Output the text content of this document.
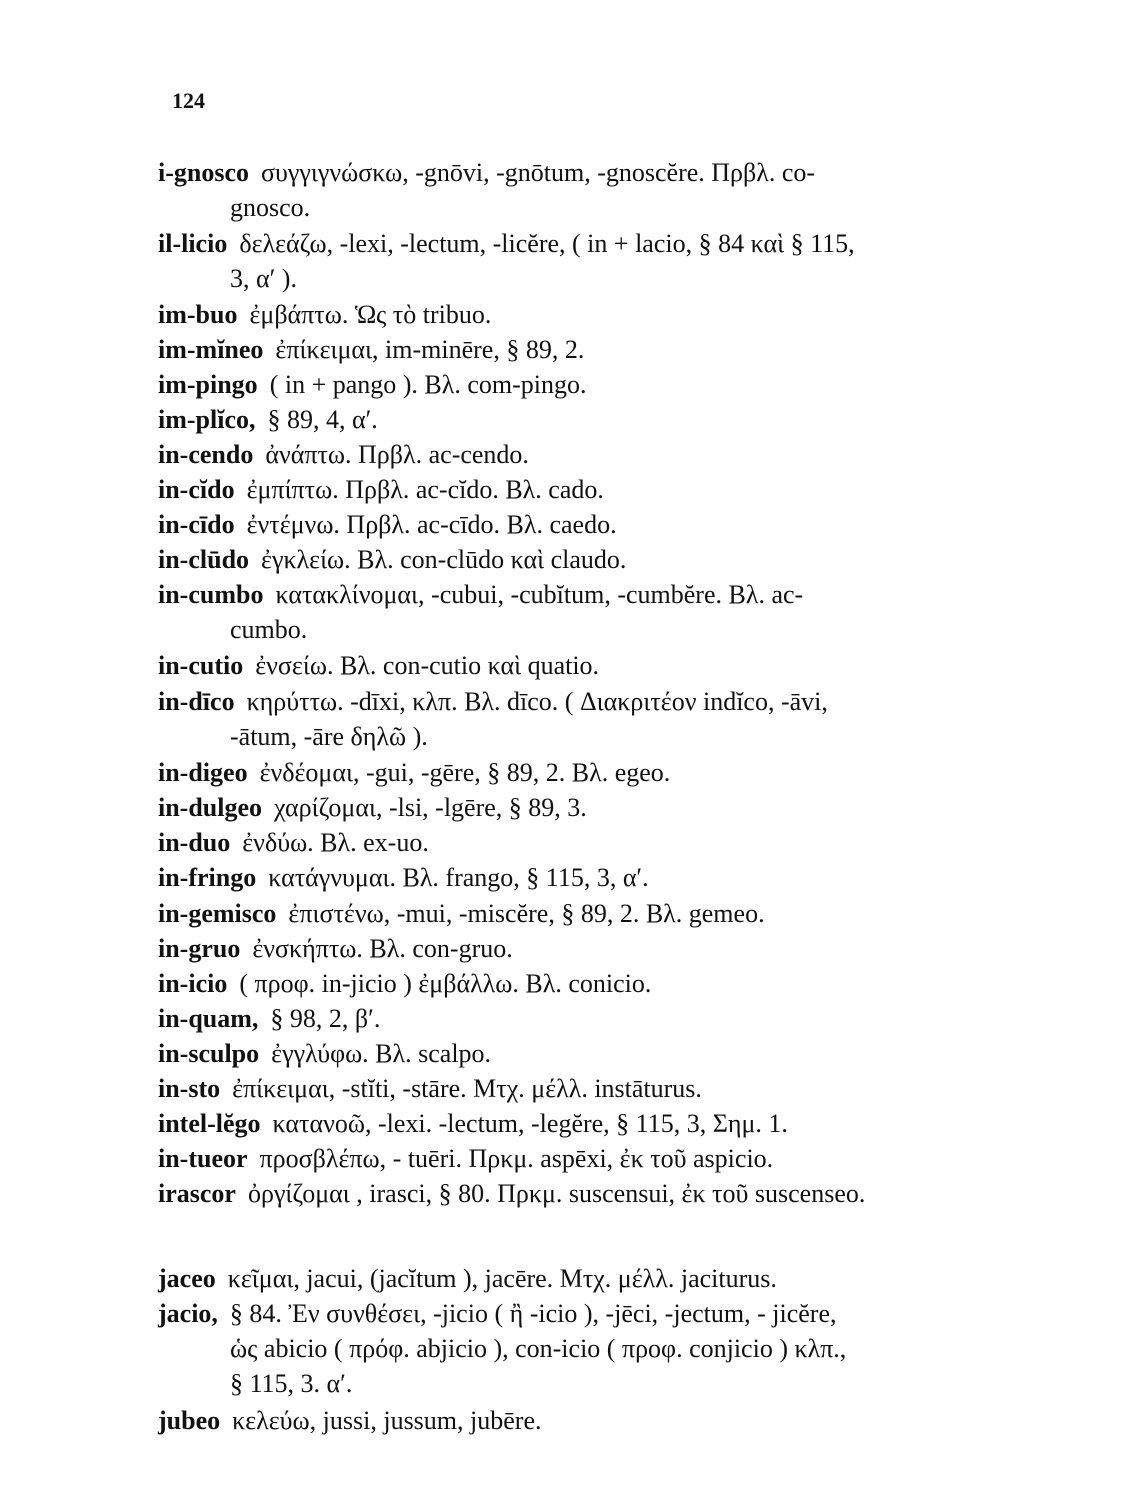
124
i-gnosco συγγιγνώσκω, -gnōvi, -gnōtum, -gnoscĕre. Πρβλ. co-
gnosco.
il-licio δελεάζω, -lexi, -lectum, -licĕre, ( in + lacio, § 84 καὶ § 115,
3, α′ ).
im-buo ἐμβάπτω. Ὡς τὸ tribuo.
im-mĭneo ἐπίκειμαι, im-minēre, § 89, 2.
im-pingo ( in + pango ). Βλ. com-pingo.
im-plĭco, § 89, 4, α′.
in-cendo ἀνάπτω. Πρβλ. ac-cendo.
in-cĭdo ἐμπίπτω. Πρβλ. ac-cĭdo. Βλ. cado.
in-cīdo ἐντέμνω. Πρβλ. ac-cīdo. Βλ. caedo.
in-clūdo ἐγκλείω. Βλ. con-clūdo καὶ claudo.
in-cumbo κατακλίνομαι, -cubui, -cubĭtum, -cumbĕre. Βλ. ac-
cumbo.
in-cutio ἐνσείω. Βλ. con-cutio καὶ quatio.
in-dīco κηρύττω. -dīxi, κλπ. Βλ. dīco. ( Διακριτέον indĭco, -āvi,
-ātum, -āre δηλῶ ).
in-digeo ἐνδέομαι, -gui, -gēre, § 89, 2. Βλ. egeo.
in-dulgeo χαρίζομαι, -lsi, -lgēre, § 89, 3.
in-duo ἐνδύω. Βλ. ex-uo.
in-fringo κατάγνυμαι. Βλ. frango, § 115, 3, α′.
in-gemisco ἐπιστένω, -mui, -miscĕre, § 89, 2. Βλ. gemeo.
in-gruo ἐνσκήπτω. Βλ. con-gruo.
in-icio ( προφ. in-jicio ) ἐμβάλλω. Βλ. conicio.
in-quam, § 98, 2, β′.
in-sculpo ἐγγλύφω. Βλ. scalpo.
in-sto ἐπίκειμαι, -stĭti, -stāre. Μτχ. μέλλ. instāturus.
intel-lĕgo κατανοῶ, -lexi. -lectum, -legĕre, § 115, 3, Σημ. 1.
in-tueor προσβλέπω, - tuēri. Πρκμ. aspēxi, ἐκ τοῦ aspicio.
irascor ὀργίζομαι , irasci, § 80. Πρκμ. suscensui, ἐκ τοῦ suscenseo.
jaceo κεῖμαι, jacui, (jacĭtum ), jacēre. Μτχ. μέλλ. jaciturus.
jacio, § 84. Ἐν συνθέσει, -jicio ( ἢ -icio ), -jēci, -jectum, - jicĕre,
ὡς abicio ( πρόφ. abjicio ), con-icio ( προφ. conjicio ) κλπ.,
§ 115, 3. α′.
jubeo κελεύω, jussi, jussum, jubēre.
